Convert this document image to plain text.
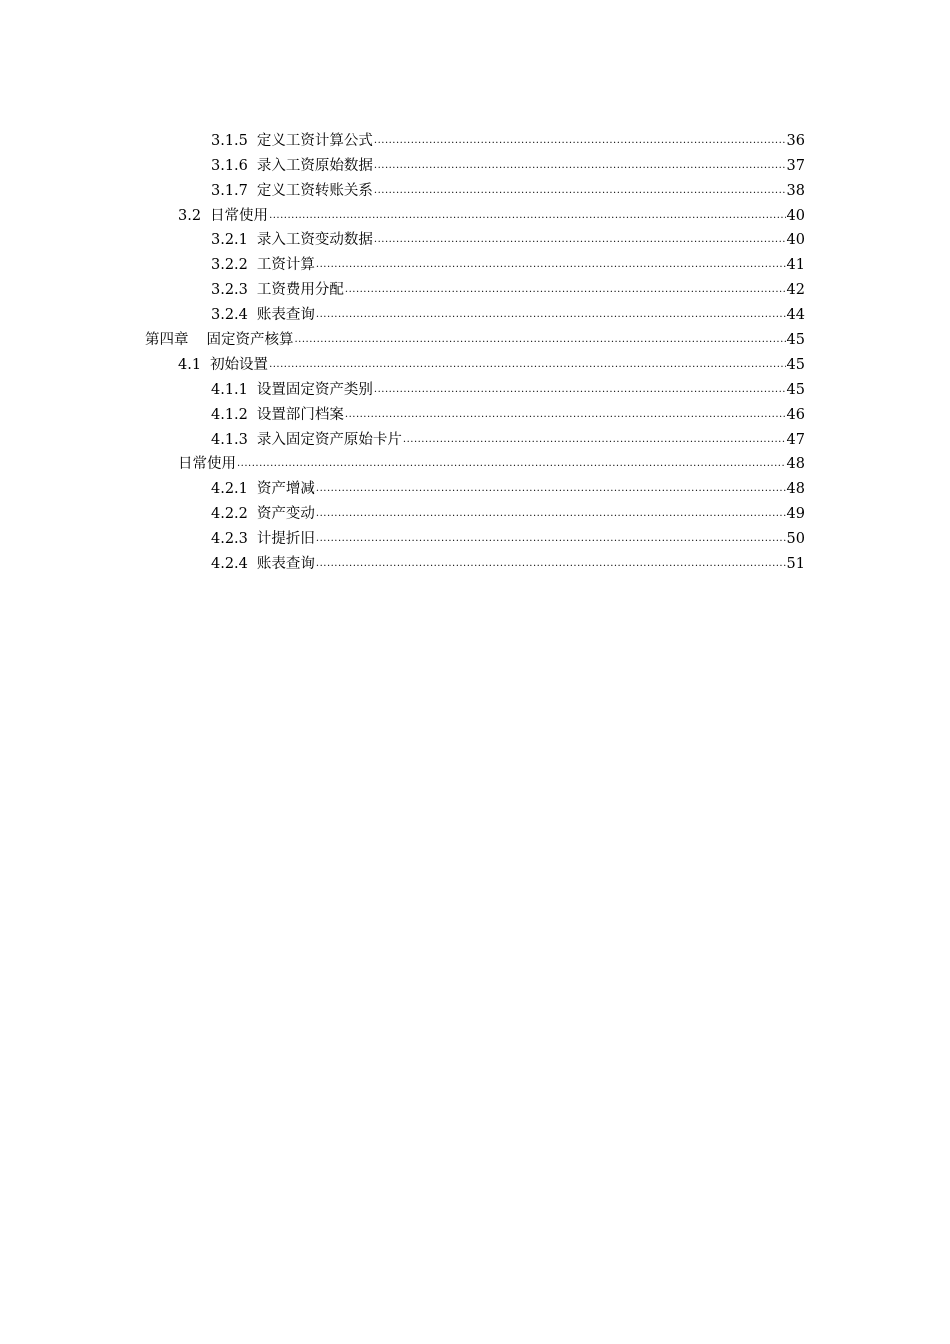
3.1.5 定义工资计算公式 .....	36
3.1.6 录入工资原始数据 .....	37
3.1.7 定义工资转账关系 .....	38
3.2 日常使用 .....	40
3.2.1 录入工资变动数据 .....	40
3.2.2 工资计算 .....	41
3.2.3 工资费用分配 .....	42
3.2.4 账表查询 .....	44
第四章 固定资产核算 .....	45
4.1 初始设置 .....	45
4.1.1 设置固定资产类别 .....	45
4.1.2 设置部门档案 .....	46
4.1.3 录入固定资产原始卡片 .....	47
日常使用 .....	48
4.2.1 资产增减 .....	48
4.2.2 资产变动 .....	49
4.2.3 计提折旧 .....	50
4.2.4 账表查询 .....	51
